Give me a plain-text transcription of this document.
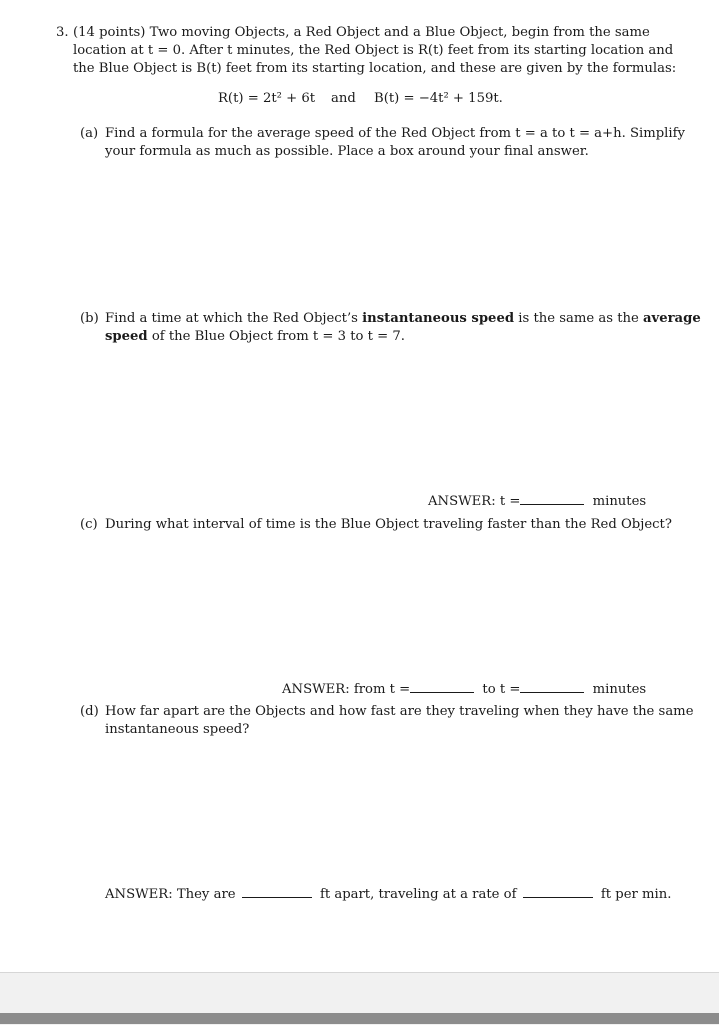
3. (14 points) Two moving Objects, a Red Object and a Blue Object, begin from the same
location at t = 0. After t minutes, the Red Object is R(t) feet from its starting location and
the Blue Object is B(t) feet from its starting location, and these are given by the formulas:
R(t) = 2t² + 6t and B(t) = −4t² + 159t.
(a) Find a formula for the average speed of the Red Object from t = a to t = a+h. Simplify
your formula as much as possible. Place a box around your final answer.
(b) Find a time at which the Red Object’s instantaneous speed is the same as the average
speed of the Blue Object from t = 3 to t = 7.
ANSWER: t =	minutes
(c) During what interval of time is the Blue Object traveling faster than the Red Object?
ANSWER: from t =	to t =	minutes
(d) How far apart are the Objects and how fast are they traveling when they have the same
instantaneous speed?
ANSWER: They are	ft apart, traveling at a rate of	ft per min.
